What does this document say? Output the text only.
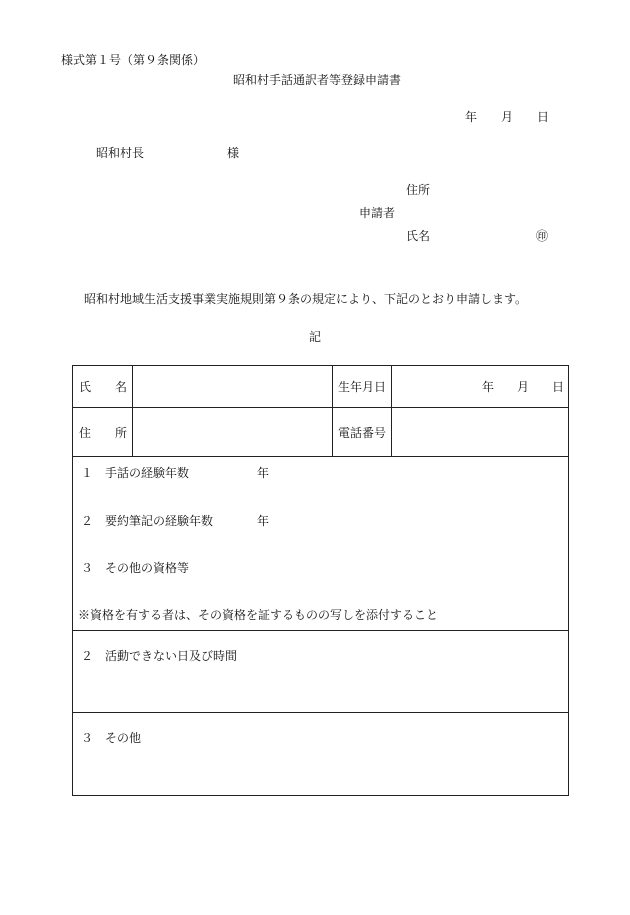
様式第１号（第９条関係）
昭和村手話通訳者等登録申請書
年 月 日
昭和村長	様
住所
申請者
氏名	㊞
昭和村地域生活支援事業実施規則第９条の規定により、下記のとおり申請します。
記
氏　　名	生年月日	年 月 日
住　　所	電話番号
１　手話の経験年数	年
２　要約筆記の経験年数	年
３　その他の資格等
※資格を有する者は、その資格を証するものの写しを添付すること
２　活動できない日及び時間
３　その他
